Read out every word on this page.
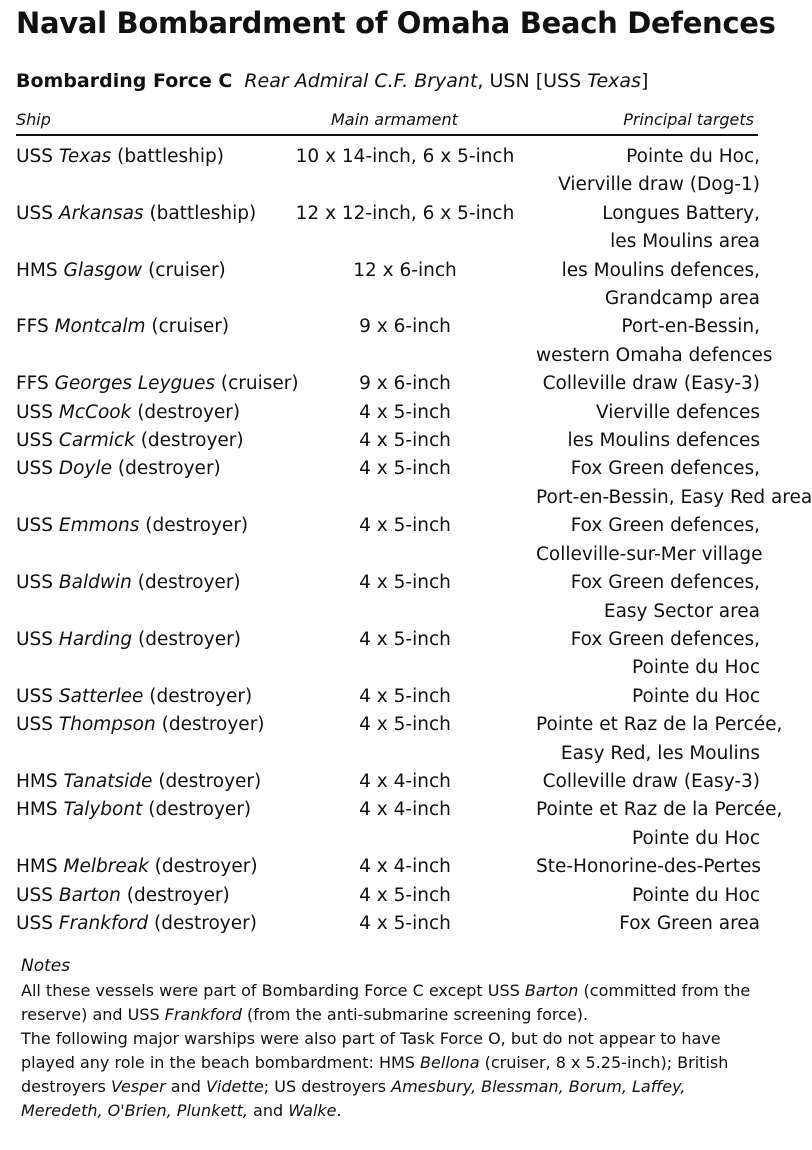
Naval Bombardment of Omaha Beach Defences
Bombarding Force C Rear Admiral C.F. Bryant, USN [USS Texas]
Ship	Main armament	Principal targets
USS Texas (battleship)	10 x 14-inch, 6 x 5-inch	Pointe du Hoc,
Vierville draw (Dog-1)

USS Arkansas (battleship)	12 x 12-inch, 6 x 5-inch	Longues Battery,
les Moulins area

HMS Glasgow (cruiser)	12 x 6-inch	les Moulins defences,
Grandcamp area

FFS Montcalm (cruiser)	9 x 6-inch	Port-en-Bessin,
western Omaha defences

FFS Georges Leygues (cruiser)	9 x 6-inch	Colleville draw (Easy-3)

USS McCook (destroyer)	4 x 5-inch	Vierville defences

USS Carmick (destroyer)	4 x 5-inch	les Moulins defences

USS Doyle (destroyer)	4 x 5-inch	Fox Green defences,
Port-en-Bessin, Easy Red area

USS Emmons (destroyer)	4 x 5-inch	Fox Green defences,
Colleville-sur-Mer village

USS Baldwin (destroyer)	4 x 5-inch	Fox Green defences,
Easy Sector area

USS Harding (destroyer)	4 x 5-inch	Fox Green defences,
Pointe du Hoc

USS Satterlee (destroyer)	4 x 5-inch	Pointe du Hoc

USS Thompson (destroyer)	4 x 5-inch	Pointe et Raz de la Percée,
Easy Red, les Moulins

HMS Tanatside (destroyer)	4 x 4-inch	Colleville draw (Easy-3)

HMS Talybont (destroyer)	4 x 4-inch	Pointe et Raz de la Percée,
Pointe du Hoc

HMS Melbreak (destroyer)	4 x 4-inch	Ste-Honorine-des-Pertes

USS Barton (destroyer)	4 x 5-inch	Pointe du Hoc

USS Frankford (destroyer)	4 x 5-inch	Fox Green area
Notes

All these vessels were part of Bombarding Force C except USS Barton (committed from the reserve) and USS Frankford (from the anti-submarine screening force).

The following major warships were also part of Task Force O, but do not appear to have played any role in the beach bombardment: HMS Bellona (cruiser, 8 x 5.25-inch); British destroyers Vesper and Vidette; US destroyers Amesbury, Blessman, Borum, Laffey, Meredeth, O'Brien, Plunkett, and Walke.
